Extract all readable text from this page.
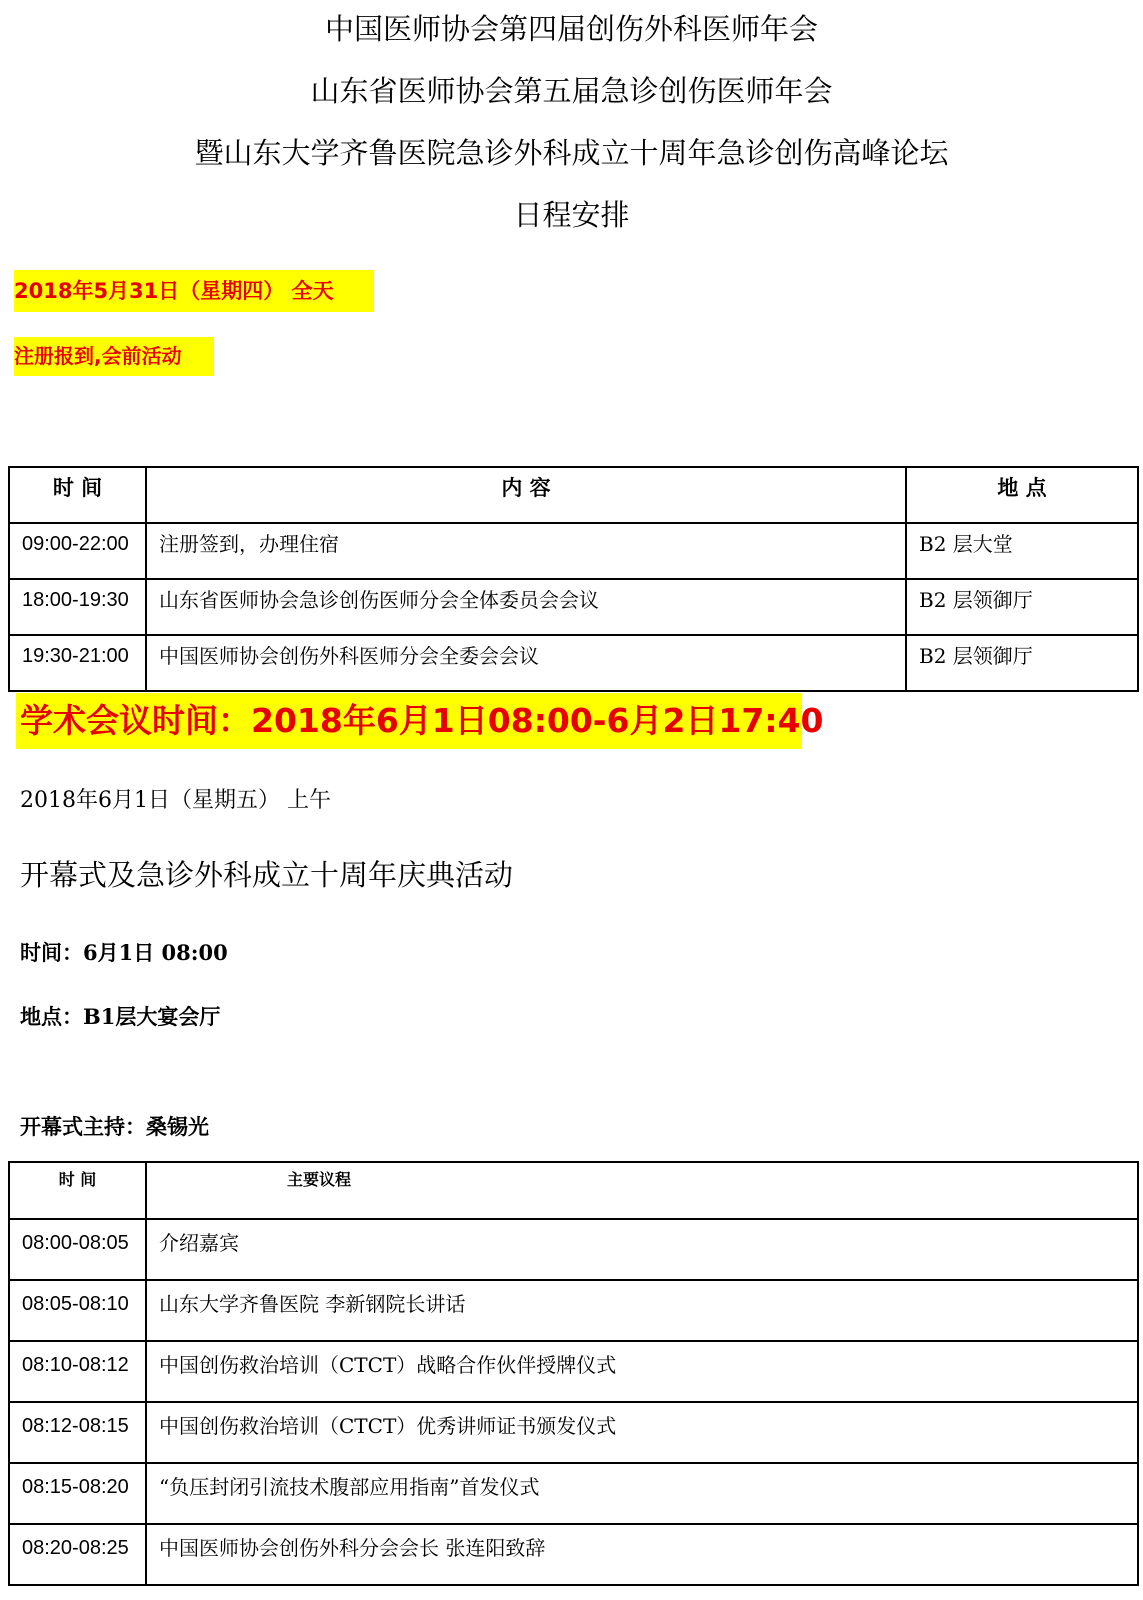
中国医师协会第四届创伤外科医师年会

山东省医师协会第五届急诊创伤医师年会

暨山东大学齐鲁医院急诊外科成立十周年急诊创伤高峰论坛

日程安排

2018年5月31日（星期四） 全天
注册报到,会前活动
时 间	内 容	地 点
09:00-22:00	注册签到，办理住宿	B2 层大堂
18:00-19:30	山东省医师协会急诊创伤医师分会全体委员会会议	B2 层领御厅
19:30-21:00	中国医师协会创伤外科医师分会全委会会议	B2 层领御厅
学术会议时间：2018年6月1日08:00-6月2日17:40
2018年6月1日（星期五） 上午
开幕式及急诊外科成立十周年庆典活动
时间：6月1日 08:00
地点：B1层大宴会厅
开幕式主持：桑锡光
时 间	主要议程
08:00-08:05	介绍嘉宾
08:05-08:10	山东大学齐鲁医院 李新钢院长讲话
08:10-08:12	中国创伤救治培训（CTCT）战略合作伙伴授牌仪式
08:12-08:15	中国创伤救治培训（CTCT）优秀讲师证书颁发仪式
08:15-08:20	“负压封闭引流技术腹部应用指南”首发仪式
08:20-08:25	中国医师协会创伤外科分会会长 张连阳致辞
